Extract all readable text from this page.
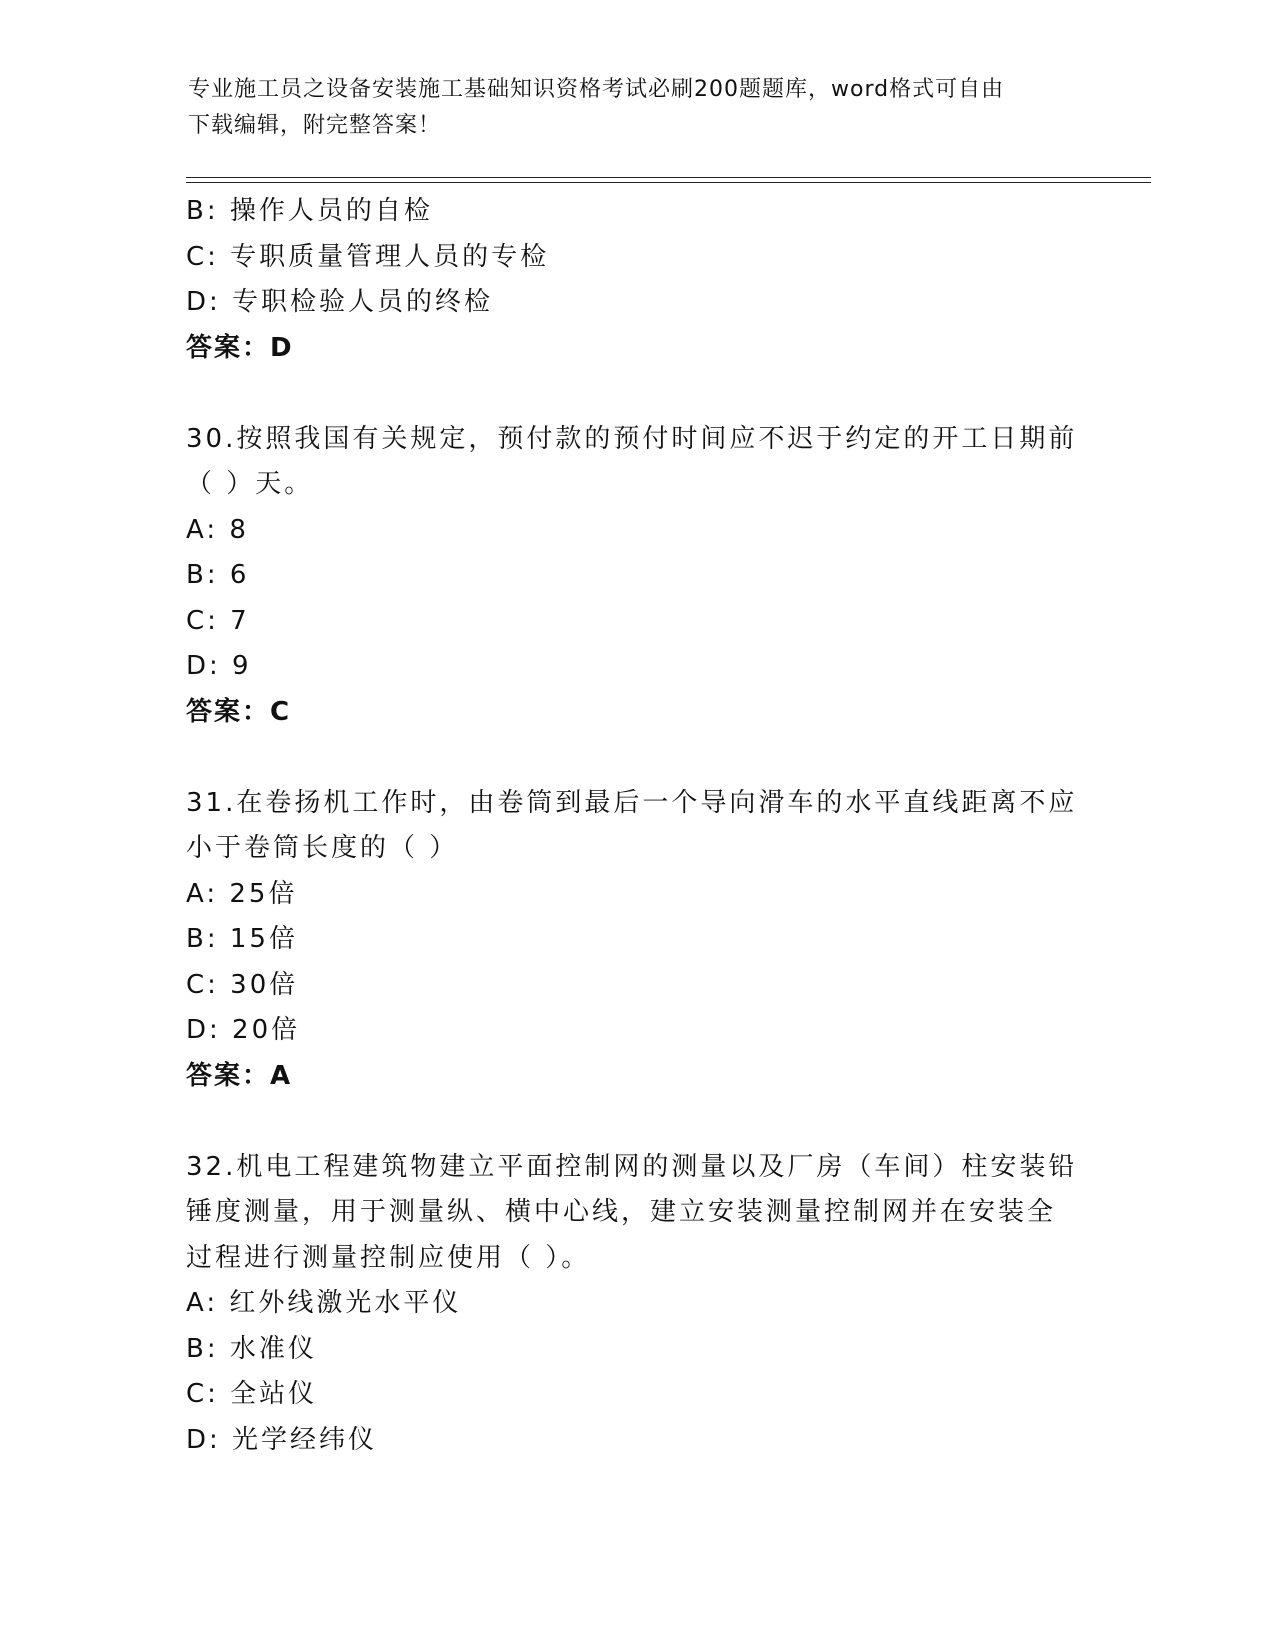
专业施工员之设备安装施工基础知识资格考试必刷200题题库，word格式可自由
下载编辑，附完整答案！
B: 操作人员的自检
C: 专职质量管理人员的专检
D: 专职检验人员的终检
答案：D
30.按照我国有关规定，预付款的预付时间应不迟于约定的开工日期前
（ ）天。
A: 8
B: 6
C: 7
D: 9
答案：C
31.在卷扬机工作时，由卷筒到最后一个导向滑车的水平直线距离不应
小于卷筒长度的（ ）
A: 25倍
B: 15倍
C: 30倍
D: 20倍
答案：A
32.机电工程建筑物建立平面控制网的测量以及厂房（车间）柱安装铅
锤度测量，用于测量纵、横中心线，建立安装测量控制网并在安装全
过程进行测量控制应使用（ ）。
A: 红外线激光水平仪
B: 水准仪
C: 全站仪
D: 光学经纬仪
